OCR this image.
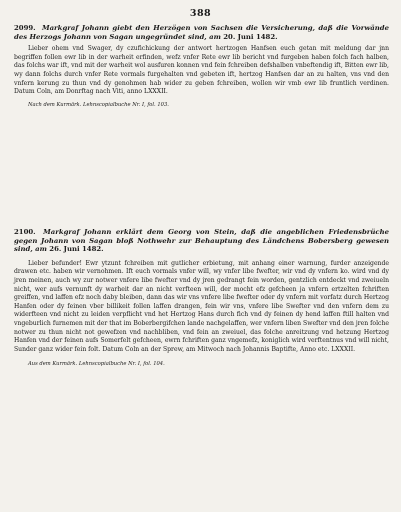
388

2099. Markgraf Johann giebt den Herzögen von Sachsen die Versicherung, daß die Vorwände des Herzogs Johann von Sagan ungegründet sind, am 20. Juni 1482.

Lieber ohem vnd Swager, dy czufichickung der antwort hertzogen Hanfsen euch getan mit meldung dar jnn begriffen follen ewr lib in der warheit erfinden, wefz vnfer Rete ewr lib bericht vnd furgeben haben folch fach halben, das folchs war ift, vnd mit der warheit wol ausfuren konnen vnd fein fchreiben defshalben vnbeftendig ift, Bitten ewr lib, wy dann folchs durch vnfer Rete vormals furgehalten vnd gebeten ift, hertzog Hanfsen dar an zu halten, vns vnd den vnfern kerung zu thun vnd dy genohmen hab wider zu geben fchreiben, wollen wir vmb ewr lib fruntlich verdinen. Datum Coln, am Donrftag nach Viti, anno LXXXII.

Nach dem Kurmärk. Lehnscopialbuche Nr. I, fol. 103.

2100. Markgraf Johann erklärt dem Georg von Stein, daß die angeblichen Friedensbrüche gegen Johann von Sagan bloß Nothwehr zur Behauptung des Ländchens Bobersberg gewesen sind, am 26. Juni 1482.

Lieber befunder! Ewr ytzunt fchreiben mit gutlicher erbietung, mit anhang einer warnung, furder anzeigende drawen etc. haben wir vernohmen. Ift euch vormals vnfer will, wy vnfer libe fwefter, wir vnd dy vnfern ko. wird vnd dy jren meinen, auch wy zur notwer vnfere libe fwefter vnd dy jren gedrangt fein worden, gentzlich entdeckt vnd zweiueln nicht, wer aufs vernunft dy warheit dar an nicht verfteen will, der mocht efz gefcheen ja vnfern ertzelten fchriften greiffen, vnd laffen efz noch daby bleiben, dann das wir vns vnfere libe fwefter oder dy vnfern mit vorfatz durch Hertzog Hanfen oder dy feinen vber billikeit follen laffen drangen, fein wir vns, vnfere libe Swefter vnd den vnfern dem zu widerfteen vnd nicht zu leiden verpflicht vnd het Hertzog Hans durch fich vnd dy feinen dy hend laffen ftill halten vnd vngeburlich furnemen mit der that im Boberbergifchen lande nachgelaffen, wer vnfern liben Swefter vnd den jren folche notwer zu thun nicht not gewefzen vnd nachbliben, vnd fein an zweiuel, das folche anreitzung vnd hetzung Hertzog Hanfen vnd der feinen aufs Somerfelt gefcheen, ewrn fchriften ganz vngemefz, koniglich wird verftentnus vnd will nicht, Sunder ganz wider fein folt. Datum Coln an der Sprew, am Mitwoch nach Johannis Baptifte, Anno etc. LXXXII.

Aus dem Kurmärk. Lehnscopialbuche Nr. I, fol. 104.
